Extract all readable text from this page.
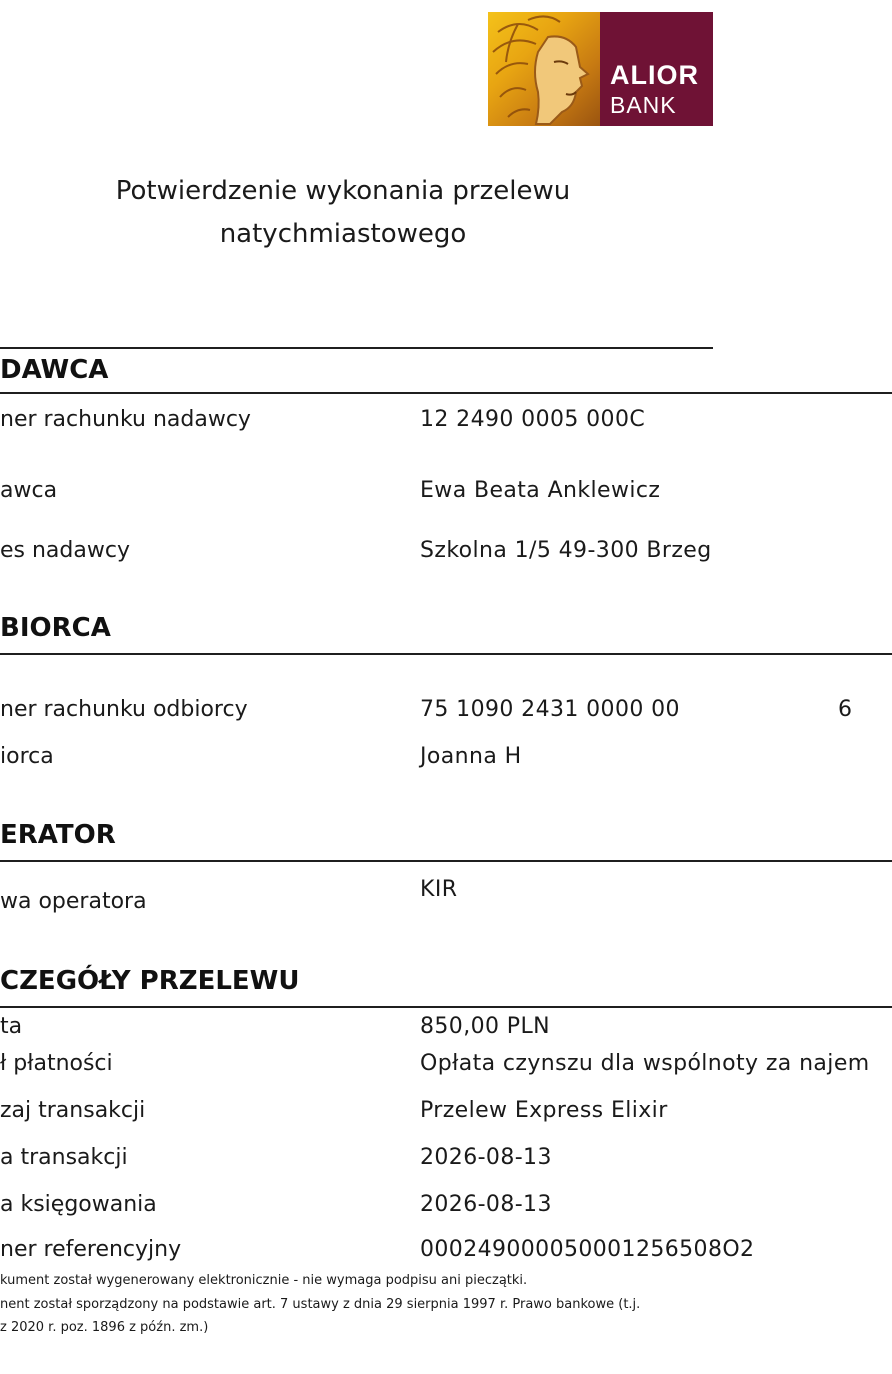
ALIOR
BANK
Potwierdzenie wykonania przelewu
natychmiastowego
DAWCA
ner rachunku nadawcy	12 2490 0005 000C
awca	Ewa Beata Anklewicz
es nadawcy	Szkolna 1/5 49-300 Brzeg
BIORCA
ner rachunku odbiorcy	75 1090 2431 0000 00	6
iorca	Joanna H
ERATOR
wa operatora	KIR
CZEGÓŁY PRZELEWU
ta	850,00 PLN
ł płatności	Opłata czynszu dla wspólnoty za najem
zaj transakcji	Przelew Express Elixir
a transakcji	2026-08-13
a księgowania	2026-08-13
ner referencyjny	000249000050001256508O2
kument został wygenerowany elektronicznie - nie wymaga podpisu ani pieczątki.
nent został sporządzony na podstawie art. 7 ustawy z dnia 29 sierpnia 1997 r. Prawo bankowe (t.j.
z 2020 r. poz. 1896 z późn. zm.)
